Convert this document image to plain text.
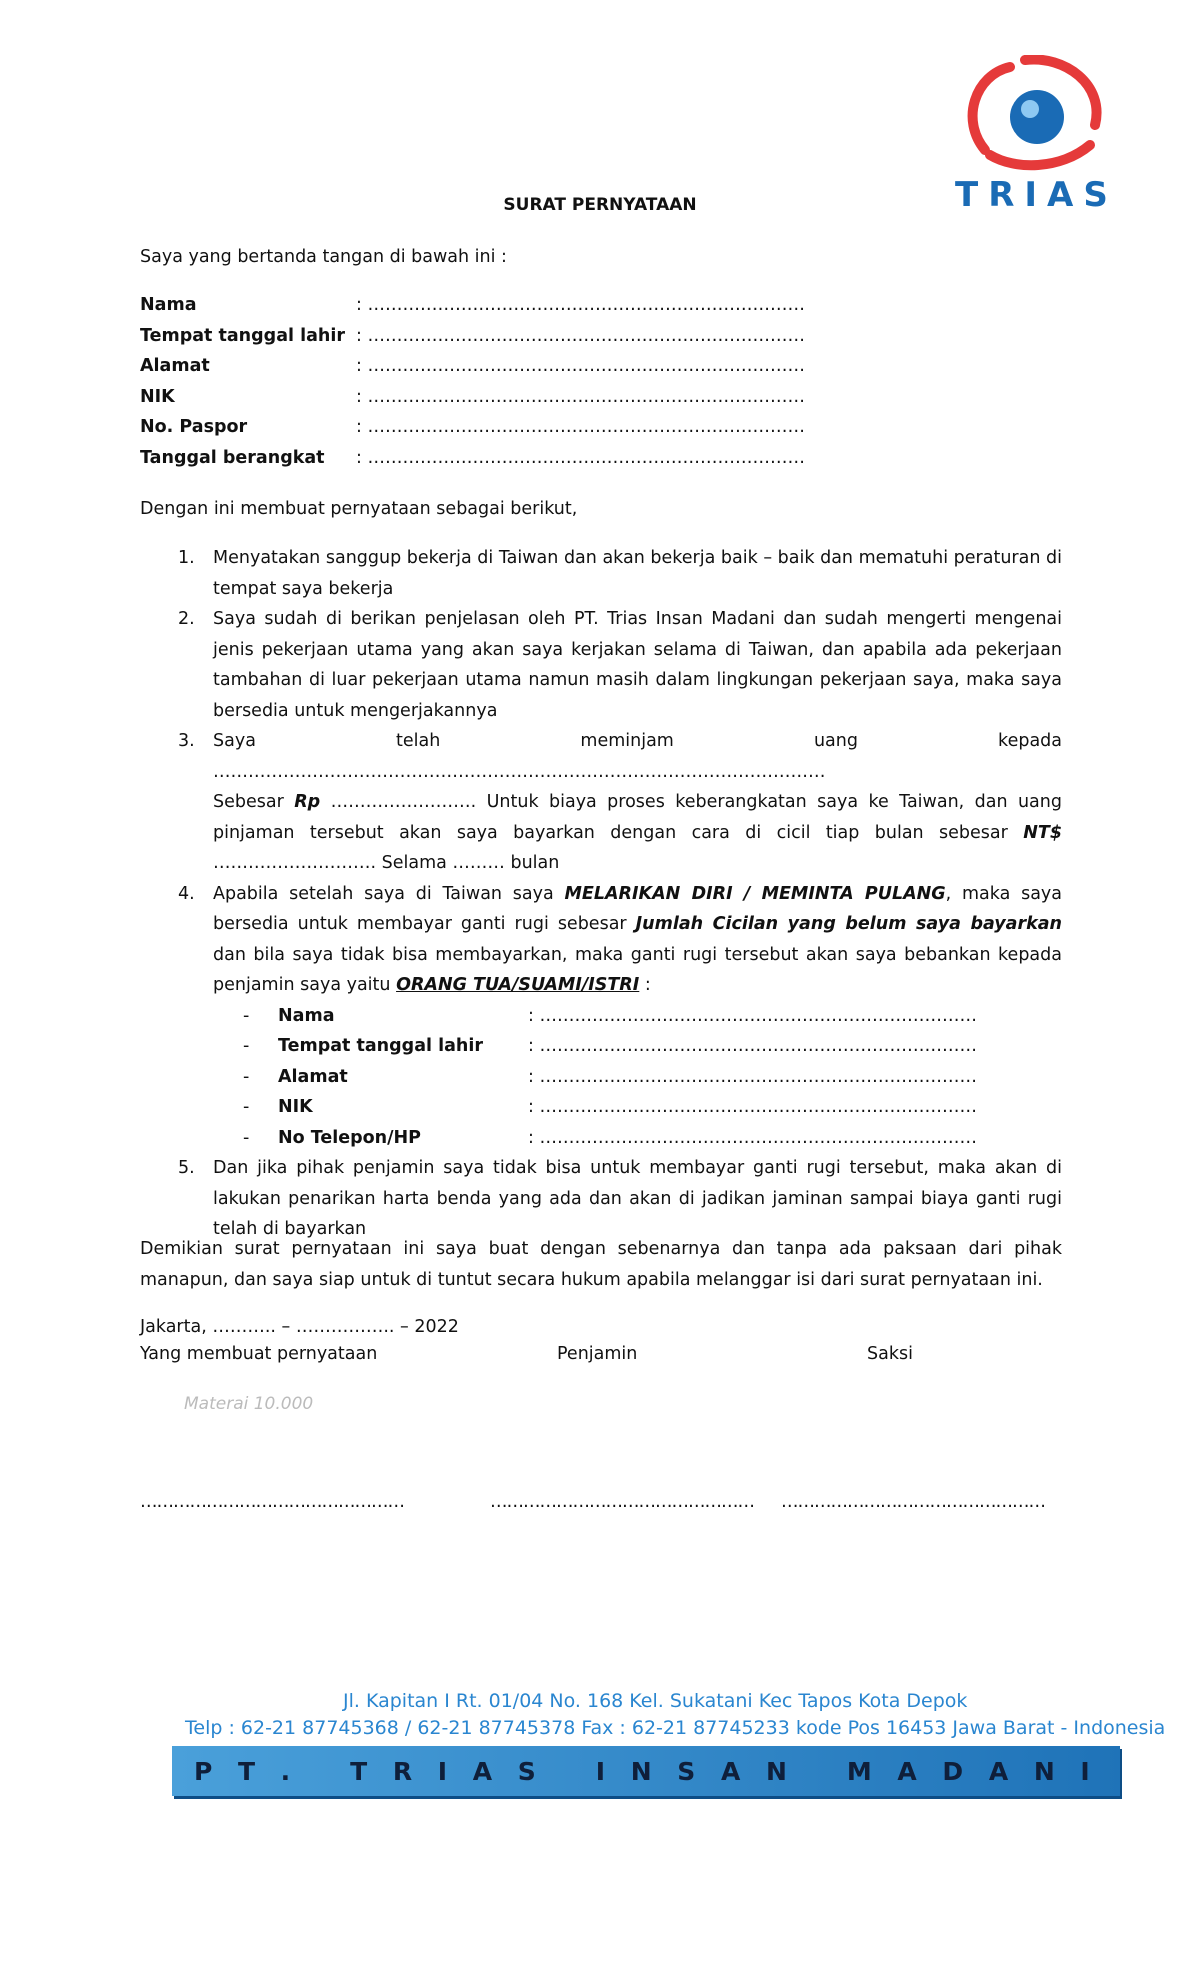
TRIAS
SURAT PERNYATAAN
Saya yang bertanda tangan di bawah ini :
Nama	: …………………………………………………………………
Tempat tanggal lahir : …………………………………………………………………
Alamat	: …………………………………………………………………
NIK	: …………………………………………………………………
No. Paspor	: …………………………………………………………………
Tanggal berangkat	: …………………………………………………………………
Dengan ini membuat pernyataan sebagai berikut,
1. Menyatakan sanggup bekerja di Taiwan dan akan bekerja baik – baik dan mematuhi peraturan di tempat saya bekerja
2. Saya sudah di berikan penjelasan oleh PT. Trias Insan Madani dan sudah mengerti mengenai jenis pekerjaan utama yang akan saya kerjakan selama di Taiwan, dan apabila ada pekerjaan tambahan di luar pekerjaan utama namun masih dalam lingkungan pekerjaan saya, maka saya bersedia untuk mengerjakannya
3. Saya telah meminjam uang kepada ……………………………………………………………………………………………
Sebesar Rp ……………………. Untuk biaya proses keberangkatan saya ke Taiwan, dan uang pinjaman tersebut akan saya bayarkan dengan cara di cicil tiap bulan sebesar NT$ ………………………. Selama ……… bulan
4. Apabila setelah saya di Taiwan saya MELARIKAN DIRI / MEMINTA PULANG, maka saya bersedia untuk membayar ganti rugi sebesar Jumlah Cicilan yang belum saya bayarkan dan bila saya tidak bisa membayarkan, maka ganti rugi tersebut akan saya bebankan kepada penjamin saya yaitu ORANG TUA/SUAMI/ISTRI :
-	Nama	: …………………………………………………………………
-	Tempat tanggal lahir	: …………………………………………………………………
-	Alamat	: …………………………………………………………………
-	NIK	: …………………………………………………………………
-	No Telepon/HP	: …………………………………………………………………
5. Dan jika pihak penjamin saya tidak bisa untuk membayar ganti rugi tersebut, maka akan di lakukan penarikan harta benda yang ada dan akan di jadikan jaminan sampai biaya ganti rugi telah di bayarkan
Demikian surat pernyataan ini saya buat dengan sebenarnya dan tanpa ada paksaan dari pihak manapun, dan saya siap untuk di tuntut secara hukum apabila melanggar isi dari surat pernyataan ini.
Jakarta, ……….. – …………….. – 2022
Yang membuat pernyataan	Penjamin	Saksi
Materai 10.000
…………………………………………	………………………………………… …………………………………………
Jl. Kapitan I Rt. 01/04 No. 168 Kel. Sukatani Kec Tapos Kota Depok
Telp : 62-21 87745368 / 62-21 87745378 Fax : 62-21 87745233 kode Pos 16453 Jawa Barat - Indonesia
P T .
T R I A S
I N S A N
M A D A N I
